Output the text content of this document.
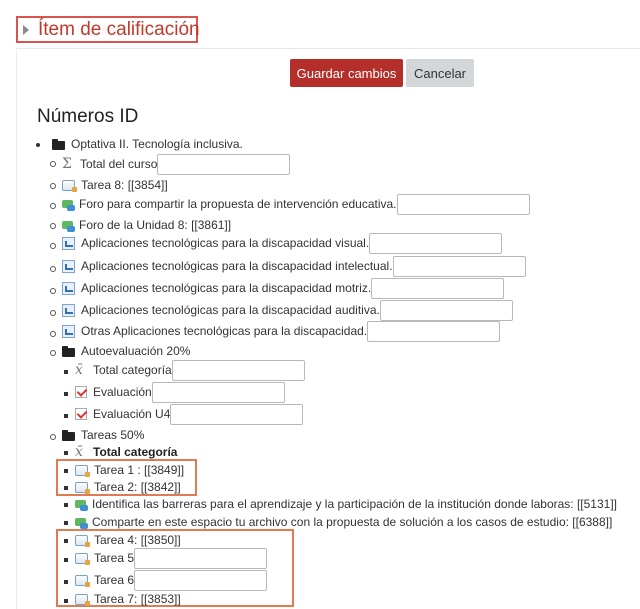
Ítem de calificación
Guardar cambios	Cancelar
Números ID
Optativa II. Tecnología inclusiva.
Σ Total del curso
Tarea 8: [[3854]]
Foro para compartir la propuesta de intervención educativa.
Foro de la Unidad 8: [[3861]]
Aplicaciones tecnológicas para la discapacidad visual.
Aplicaciones tecnológicas para la discapacidad intelectual.
Aplicaciones tecnológicas para la discapacidad motriz.
Aplicaciones tecnológicas para la discapacidad auditiva.
Otras Aplicaciones tecnológicas para la discapacidad.
Autoevaluación 20%
x̄ Total categoría
Evaluación
Evaluación U4
Tareas 50%
x̄ Total categoría
Tarea 1 : [[3849]]
Tarea 2: [[3842]]
Identifica las barreras para el aprendizaje y la participación de la institución donde laboras: [[5131]]
Comparte en este espacio tu archivo con la propuesta de solución a los casos de estudio: [[6388]]
Tarea 4: [[3850]]
Tarea 5
Tarea 6
Tarea 7: [[3853]]
